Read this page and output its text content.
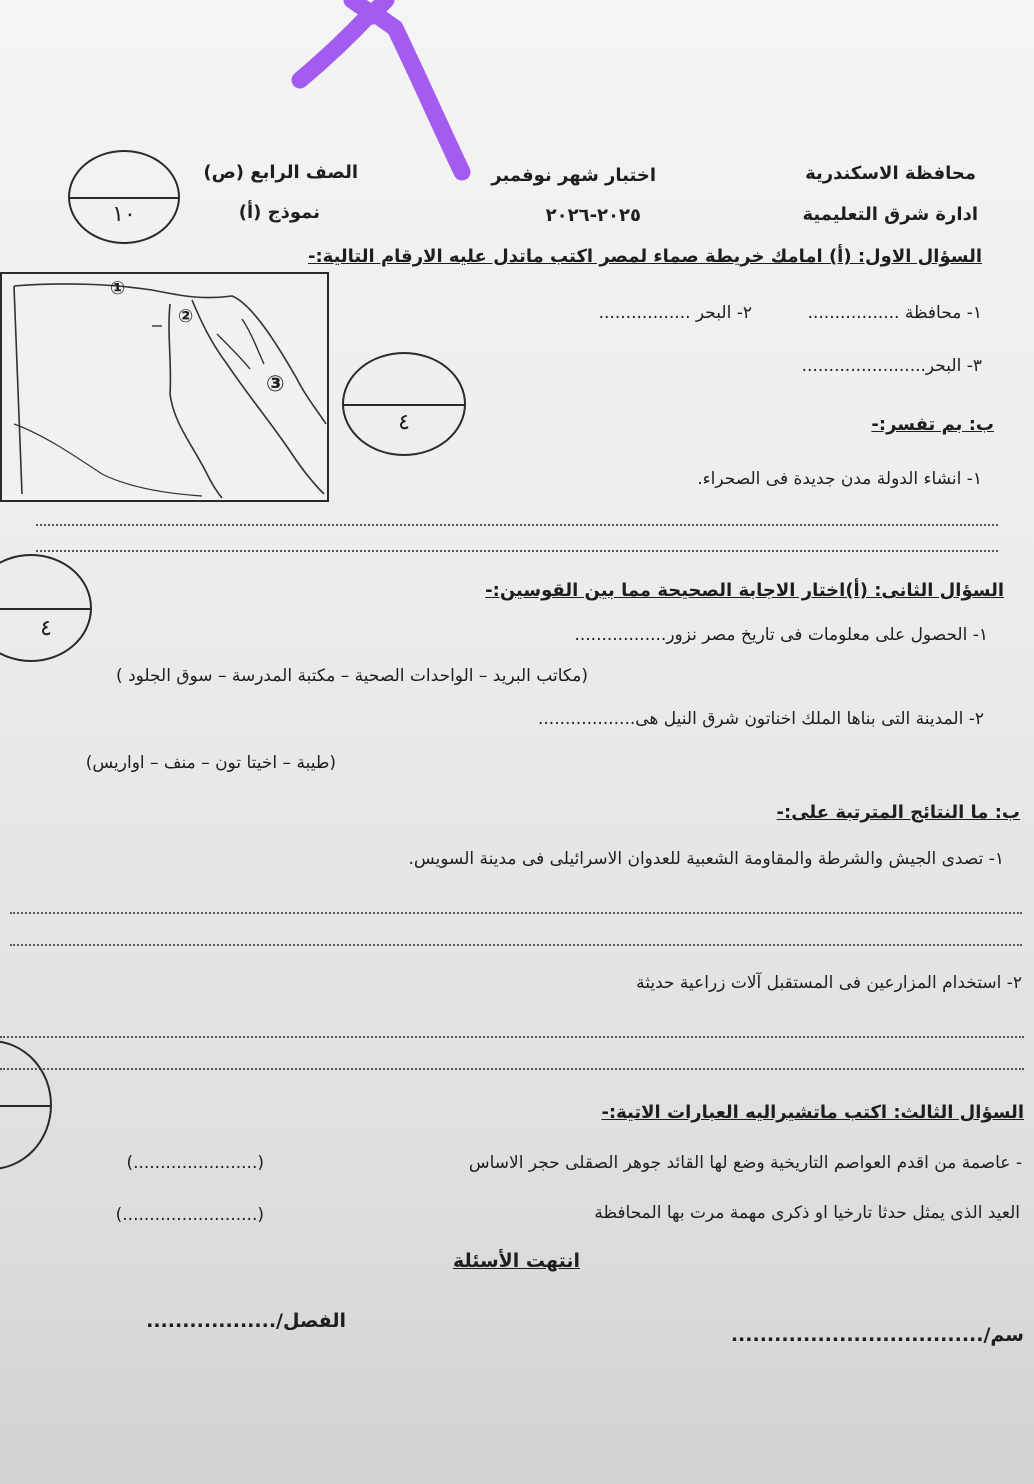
محافظة الاسكندرية
ادارة شرق التعليمية
اختبار شهر نوفمبر
٢٠٢٥-٢٠٢٦
الصف الرابع (ص)
نموذج (أ)
١٠
السؤال الاول: (أ) امامك خريطة صماء لمصر اكتب ماتدل عليه الارقام التالية:-
①
②
③
١- محافظة .................
٢- البحر .................
٣- البحر.......................
٤	ب: بم تفسر:-
١- انشاء الدولة مدن جديدة فى الصحراء.
٤
السؤال الثانى: (أ)اختار الاجابة الصحيحة مما بين القوسين:-
١- الحصول على معلومات فى تاريخ مصر نزور.................
(مكاتب البريد – الواحدات الصحية – مكتبة المدرسة – سوق الجلود )
٢- المدينة التى بناها الملك اخناتون شرق النيل هى..................
(طيبة – اخيتا تون – منف – اواريس)
ب: ما النتائج المترتبة على:-
١- تصدى الجيش والشرطة والمقاومة الشعبية للعدوان الاسرائيلى فى مدينة السويس.
٢- استخدام المزارعين فى المستقبل آلات زراعية حديثة
السؤال الثالث: اكتب ماتشيراليه العبارات الاتية:-
- عاصمة من اقدم العواصم التاريخية وضع لها القائد جوهر الصقلى حجر الاساس
(.......................)
العيد الذى يمثل حدثا تارخيا او ذكرى مهمة مرت بها المحافظة
(.........................)
انتهت الأسئلة
الفصل/..................
سم/...................................
